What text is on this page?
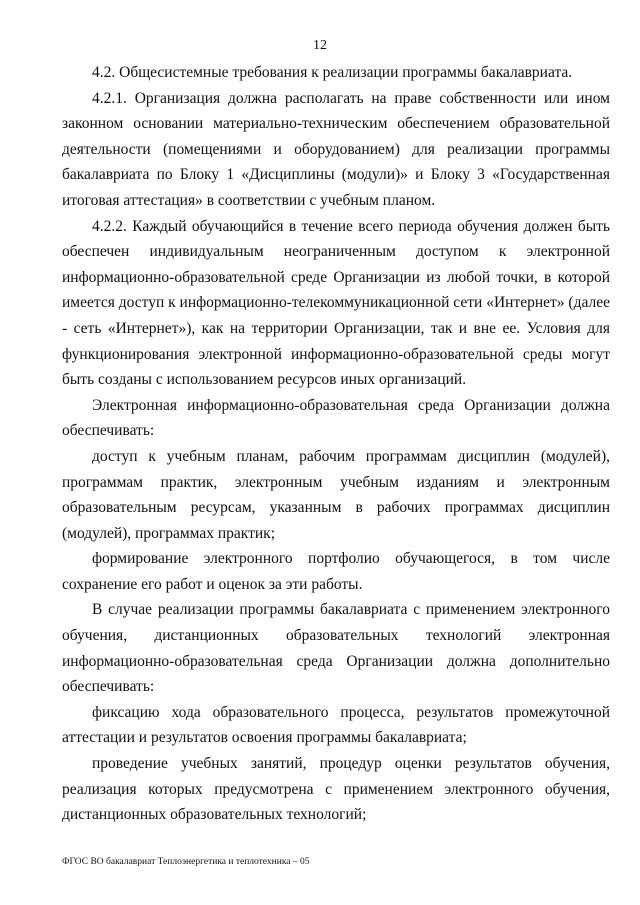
12

4.2. Общесистемные требования к реализации программы бакалавриата.

4.2.1. Организация должна располагать на праве собственности или ином законном основании материально-техническим обеспечением образовательной деятельности (помещениями и оборудованием) для реализации программы бакалавриата по Блоку 1 «Дисциплины (модули)» и Блоку 3 «Государственная итоговая аттестация» в соответствии с учебным планом.

4.2.2. Каждый обучающийся в течение всего периода обучения должен быть обеспечен индивидуальным неограниченным доступом к электронной информационно-образовательной среде Организации из любой точки, в которой имеется доступ к информационно-телекоммуникационной сети «Интернет» (далее - сеть «Интернет»), как на территории Организации, так и вне ее. Условия для функционирования электронной информационно-образовательной среды могут быть созданы с использованием ресурсов иных организаций.

Электронная информационно-образовательная среда Организации должна обеспечивать:

доступ к учебным планам, рабочим программам дисциплин (модулей), программам практик, электронным учебным изданиям и электронным образовательным ресурсам, указанным в рабочих программах дисциплин (модулей), программах практик;

формирование электронного портфолио обучающегося, в том числе сохранение его работ и оценок за эти работы.

В случае реализации программы бакалавриата с применением электронного обучения, дистанционных образовательных технологий электронная информационно-образовательная среда Организации должна дополнительно обеспечивать:

фиксацию хода образовательного процесса, результатов промежуточной аттестации и результатов освоения программы бакалавриата;

проведение учебных занятий, процедур оценки результатов обучения, реализация которых предусмотрена с применением электронного обучения, дистанционных образовательных технологий;

ФГОС ВО бакалавриат Теплоэнергетика и теплотехника – 05
